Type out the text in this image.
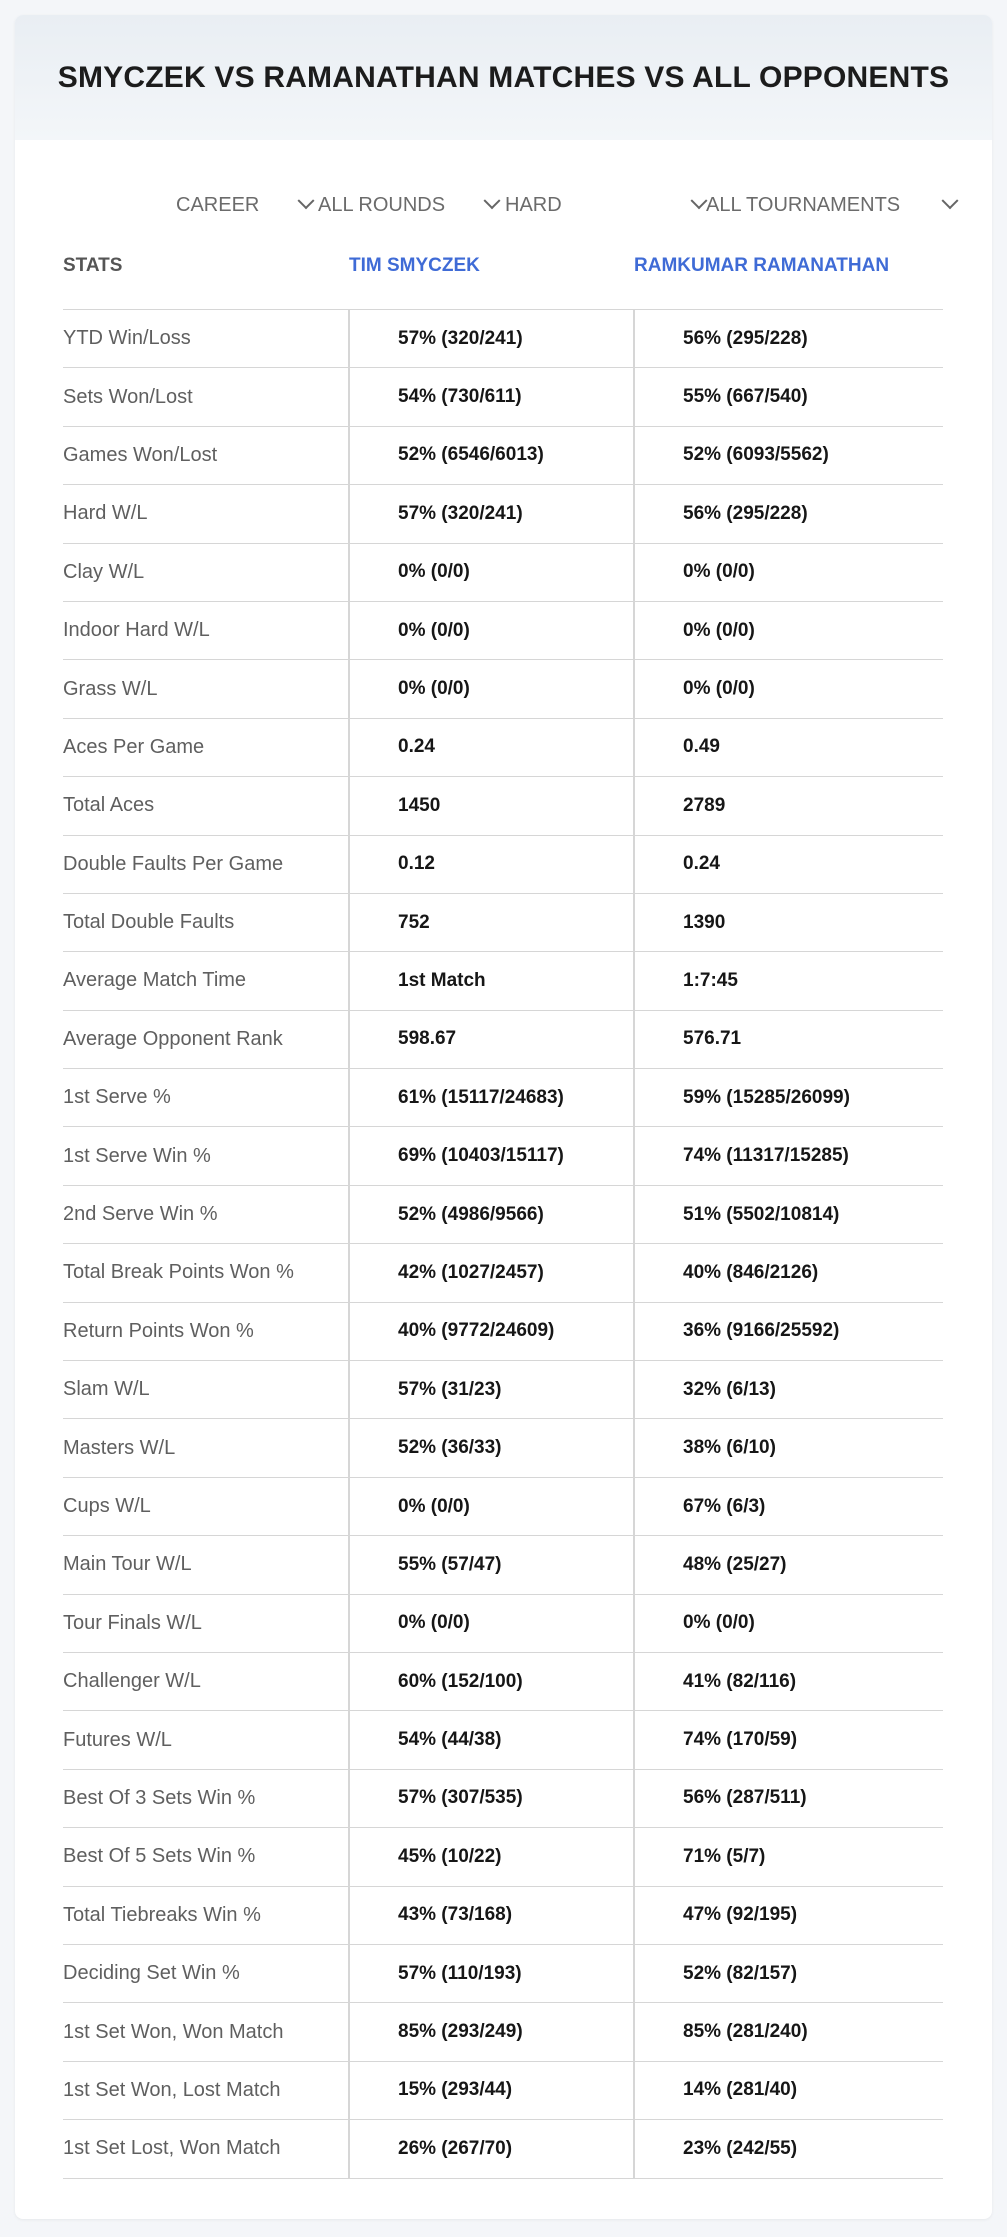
SMYCZEK VS RAMANATHAN MATCHES VS ALL OPPONENTS
CAREER	ALL ROUNDS	HARD	ALL TOURNAMENTS
STATS	TIM SMYCZEK	RAMKUMAR RAMANATHAN
YTD Win/Loss	57% (320/241)	56% (295/228)
Sets Won/Lost	54% (730/611)	55% (667/540)
Games Won/Lost	52% (6546/6013)	52% (6093/5562)
Hard W/L	57% (320/241)	56% (295/228)
Clay W/L	0% (0/0)	0% (0/0)
Indoor Hard W/L	0% (0/0)	0% (0/0)
Grass W/L	0% (0/0)	0% (0/0)
Aces Per Game	0.24	0.49
Total Aces	1450	2789
Double Faults Per Game	0.12	0.24
Total Double Faults	752	1390
Average Match Time	1st Match	1:7:45
Average Opponent Rank	598.67	576.71
1st Serve %	61% (15117/24683)	59% (15285/26099)
1st Serve Win %	69% (10403/15117)	74% (11317/15285)
2nd Serve Win %	52% (4986/9566)	51% (5502/10814)
Total Break Points Won %	42% (1027/2457)	40% (846/2126)
Return Points Won %	40% (9772/24609)	36% (9166/25592)
Slam W/L	57% (31/23)	32% (6/13)
Masters W/L	52% (36/33)	38% (6/10)
Cups W/L	0% (0/0)	67% (6/3)
Main Tour W/L	55% (57/47)	48% (25/27)
Tour Finals W/L	0% (0/0)	0% (0/0)
Challenger W/L	60% (152/100)	41% (82/116)
Futures W/L	54% (44/38)	74% (170/59)
Best Of 3 Sets Win %	57% (307/535)	56% (287/511)
Best Of 5 Sets Win %	45% (10/22)	71% (5/7)
Total Tiebreaks Win %	43% (73/168)	47% (92/195)
Deciding Set Win %	57% (110/193)	52% (82/157)
1st Set Won, Won Match	85% (293/249)	85% (281/240)
1st Set Won, Lost Match	15% (293/44)	14% (281/40)
1st Set Lost, Won Match	26% (267/70)	23% (242/55)
